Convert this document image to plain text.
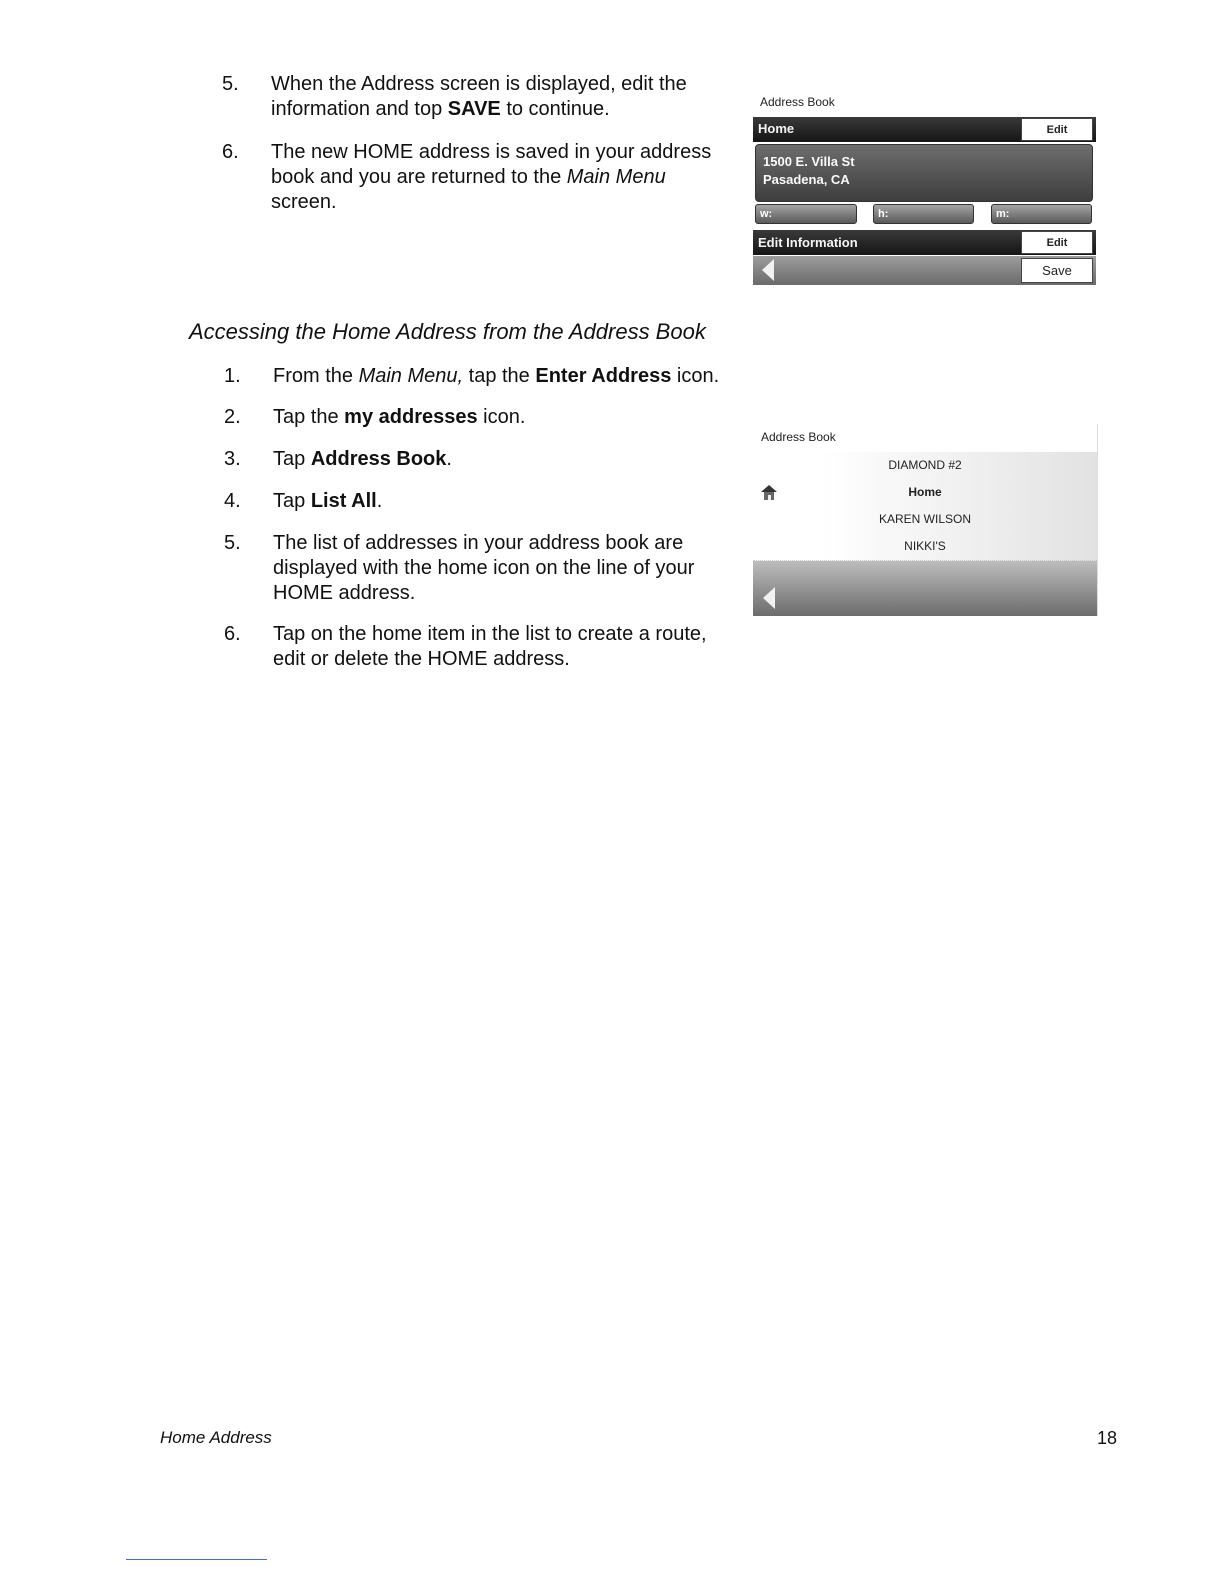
5. When the Address screen is displayed, edit the
information and top SAVE to continue.
6. The new HOME address is saved in your address
book and you are returned to the Main Menu
screen.
Address Book
Home	Edit
1500 E. Villa St
Pasadena, CA
w:	h:	m:
Edit Information	Edit
Save
Accessing the Home Address from the Address Book
1. From the Main Menu, tap the Enter Address icon.
2. Tap the my addresses icon.
3. Tap Address Book.
4. Tap List All.
5. The list of addresses in your address book are
displayed with the home icon on the line of your
HOME address.
6. Tap on the home item in the list to create a route,
edit or delete the HOME address.
Address Book
DIAMOND #2
Home
KAREN WILSON
NIKKI'S
Home Address	18
